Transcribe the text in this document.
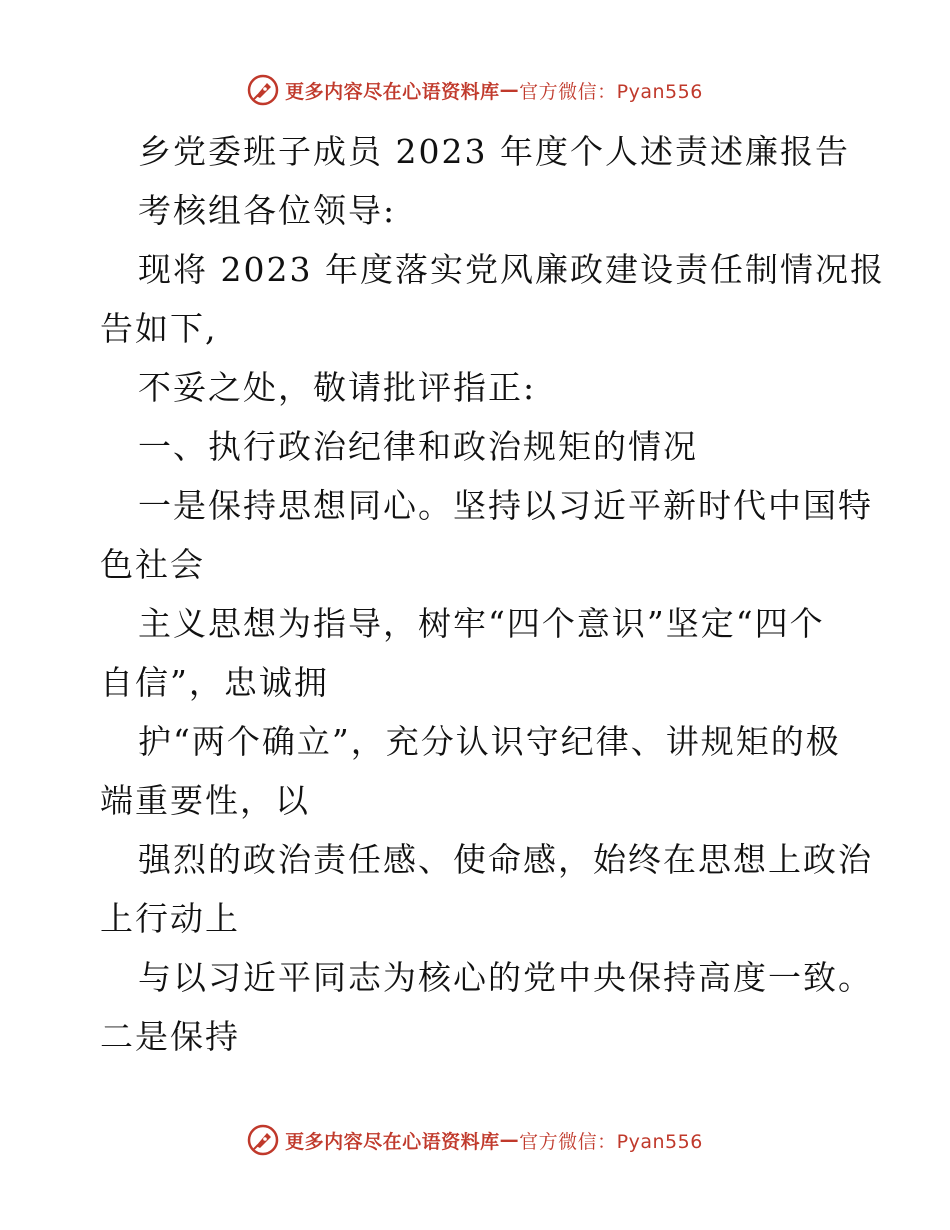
更多内容尽在心语资料库 — 官方微信：Pyan556
乡党委班子成员 2023 年度个人述责述廉报告
考核组各位领导:
现将 2023 年度落实党风廉政建设责任制情况报
告如下,
不妥之处，敬请批评指正:
一、执行政治纪律和政治规矩的情况
一是保持思想同心。坚持以习近平新时代中国特
色社会
主义思想为指导，树牢“四个意识”坚定“四个
自信”，忠诚拥
护“两个确立”，充分认识守纪律、讲规矩的极
端重要性，以
强烈的政治责任感、使命感，始终在思想上政治
上行动上
与以习近平同志为核心的党中央保持高度一致。
二是保持
更多内容尽在心语资料库 — 官方微信：Pyan556
